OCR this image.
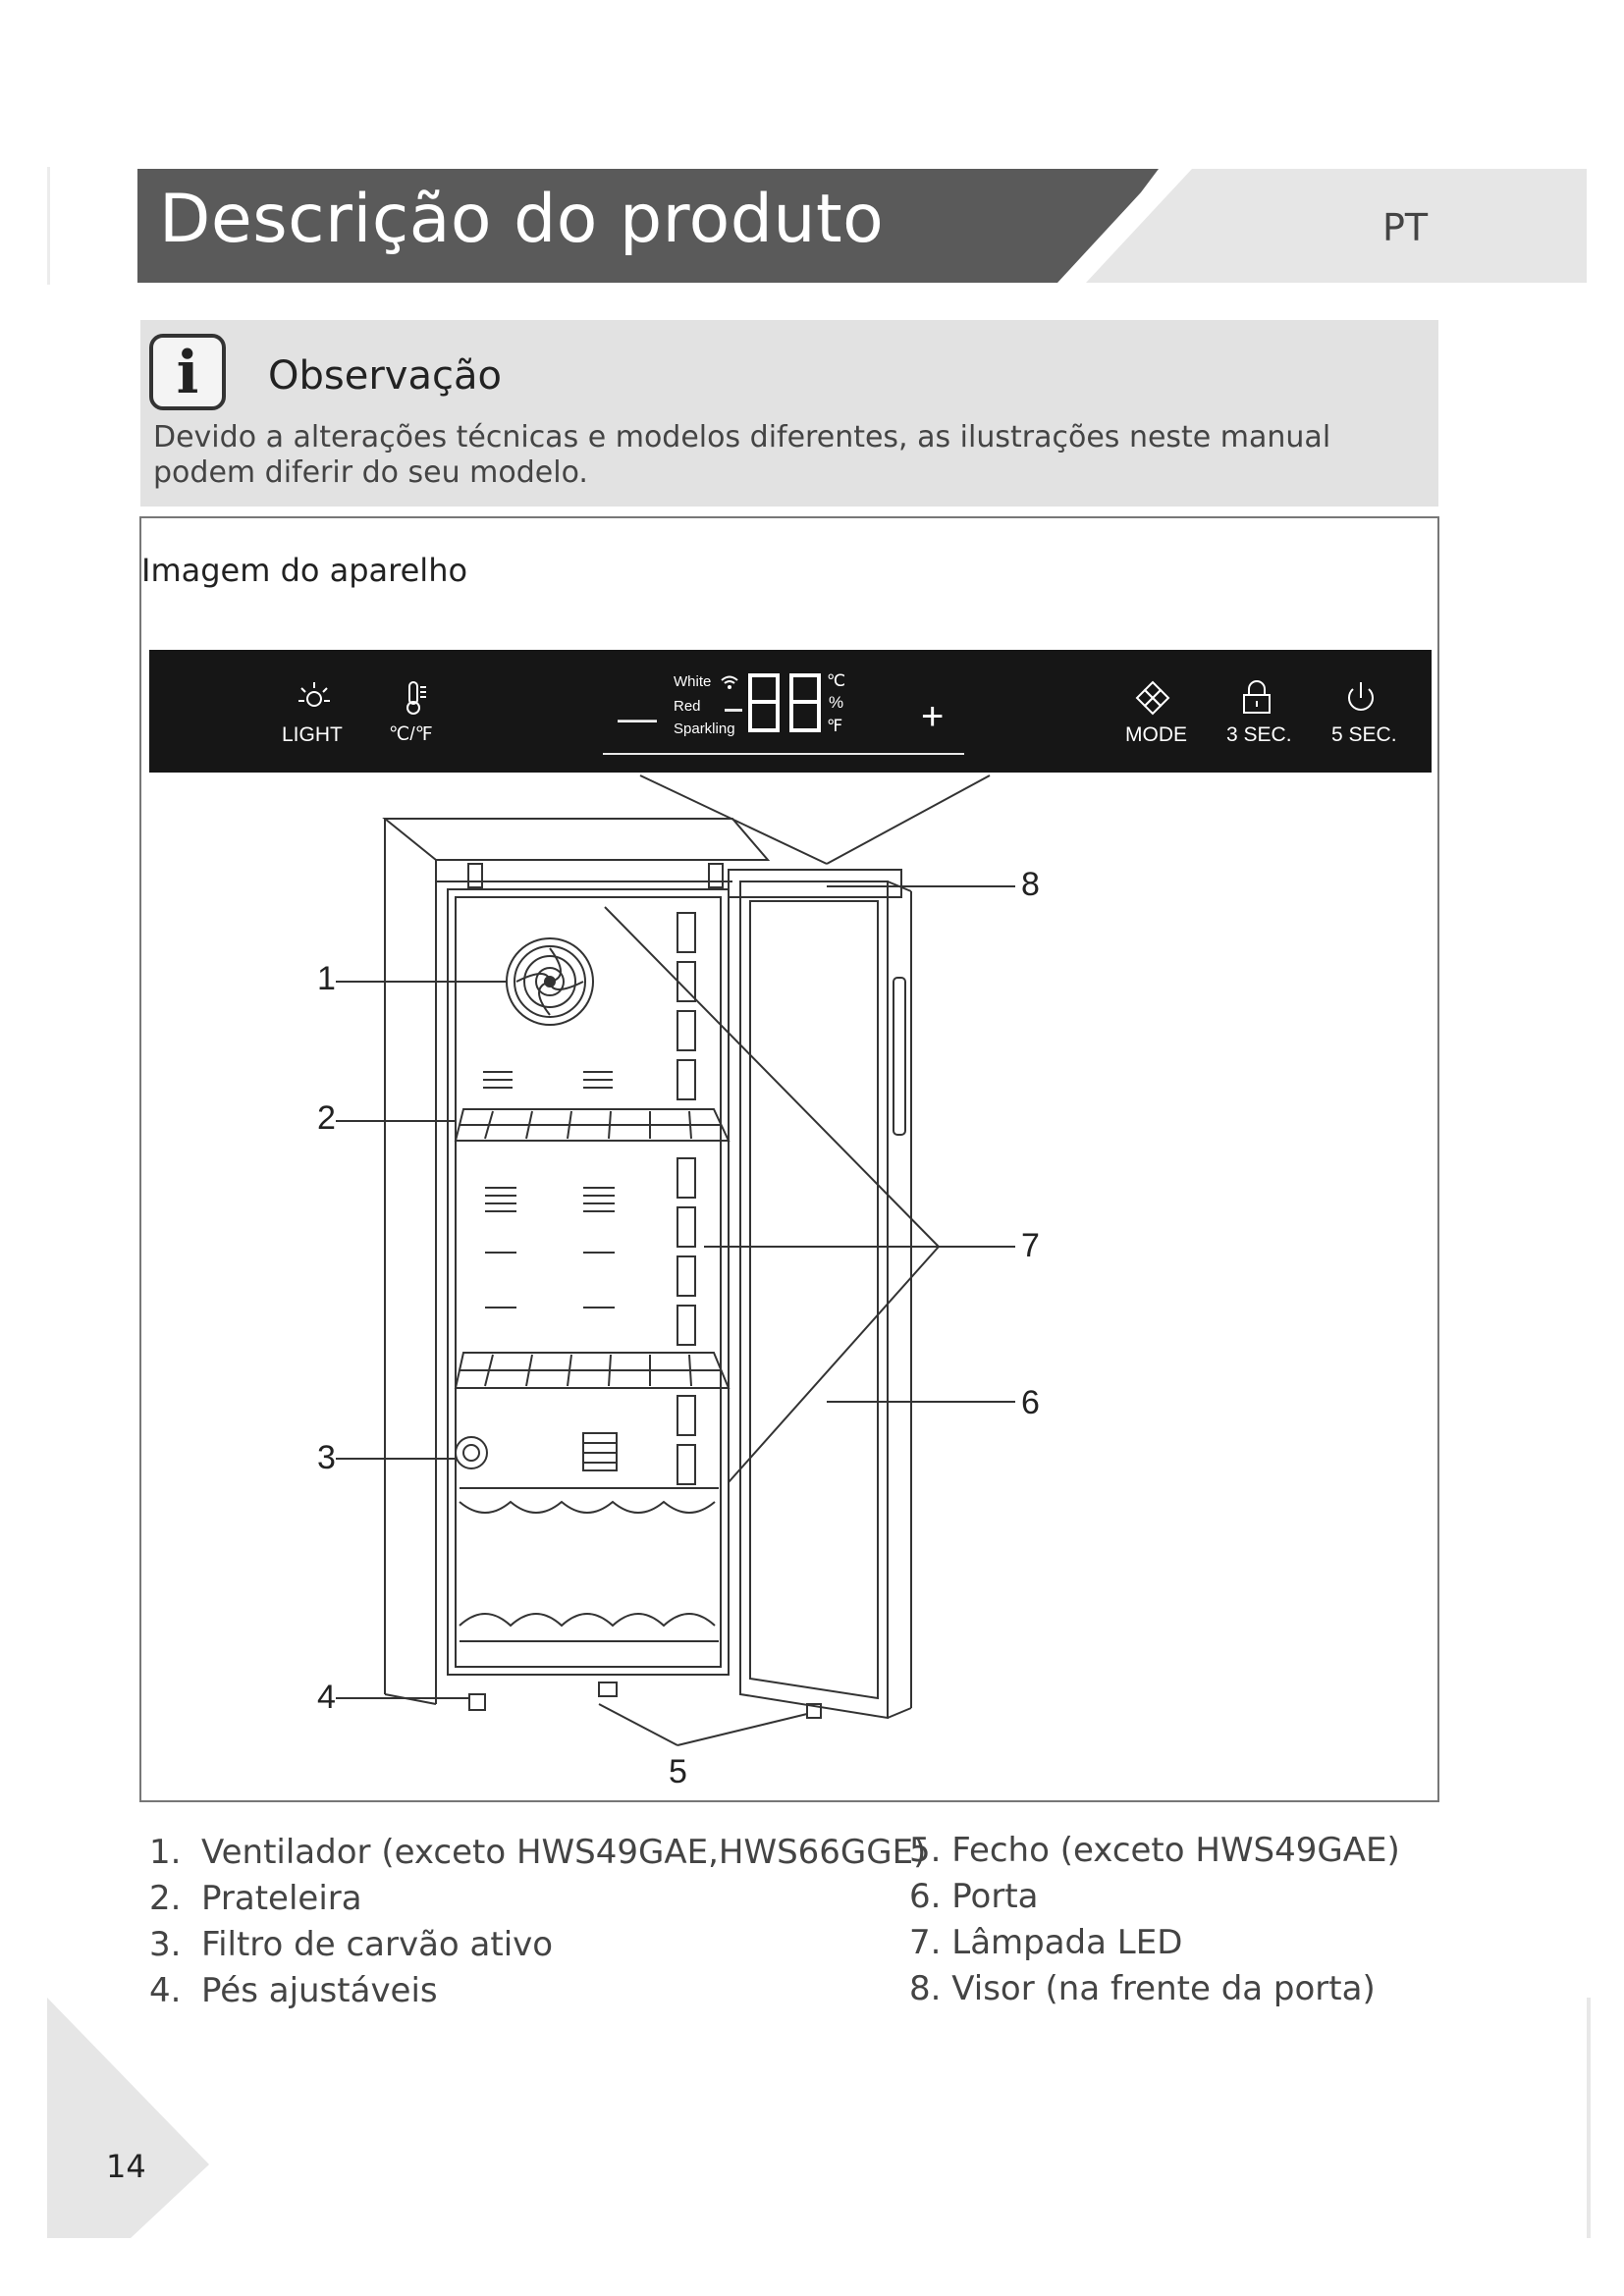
Descrição do produto	PT
i Observação
Devido a alterações técnicas e modelos diferentes, as ilustrações neste manual podem diferir do seu modelo.
Imagem do aparelho
LIGHT ℃/℉	—
White
Red
Sparkling
℃
%
℉ +	MODE 3 SEC. 5 SEC.
1
2
3
4
5
6
7
8
1. Ventilador (exceto HWS49GAE,HWS66GGE)
2. Prateleira
3. Filtro de carvão ativo
4. Pés ajustáveis
5. Fecho (exceto HWS49GAE)
6. Porta
7. Lâmpada LED
8. Visor (na frente da porta)
14
